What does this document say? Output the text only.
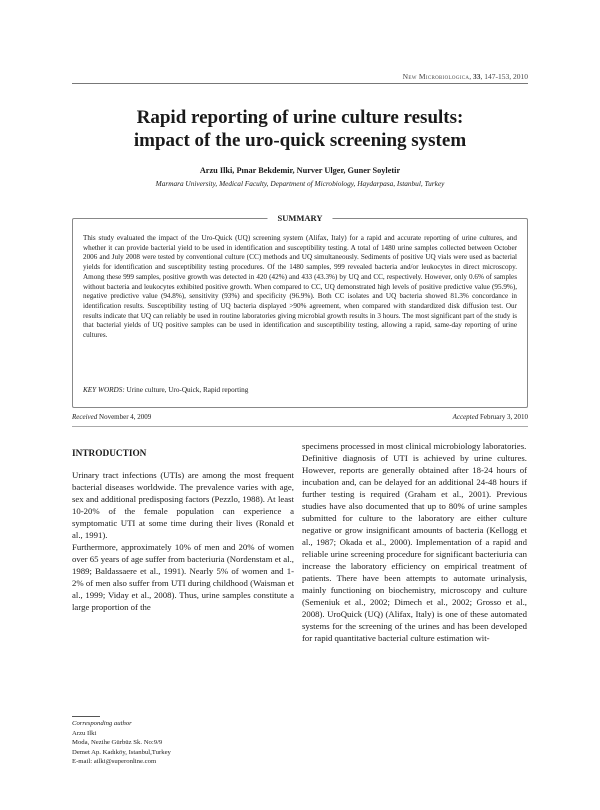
New Microbiologica, 33, 147-153, 2010
Rapid reporting of urine culture results:
impact of the uro-quick screening system
Arzu Ilki, Pınar Bekdemir, Nurver Ulger, Guner Soyletir
Marmara University, Medical Faculty, Department of Microbiology, Haydarpasa, Istanbul, Turkey
SUMMARY
This study evaluated the impact of the Uro-Quick (UQ) screening system (Alifax, Italy) for a rapid and accurate reporting of urine cultures, and whether it can provide bacterial yield to be used in identification and susceptibility testing. A total of 1480 urine samples collected between October 2006 and July 2008 were tested by conventional culture (CC) methods and UQ simultaneously. Sediments of positive UQ vials were used as bacterial yields for identification and susceptibility testing procedures. Of the 1480 samples, 999 revealed bacteria and/or leukocytes in direct microscopy. Among these 999 samples, positive growth was detected in 420 (42%) and 433 (43.3%) by UQ and CC, respectively. However, only 0.6% of samples without bacteria and leukocytes exhibited positive growth. When compared to CC, UQ demonstrated high levels of positive predictive value (95.9%), negative predictive value (94.8%), sensitivity (93%) and specificity (96.9%). Both CC isolates and UQ bacteria showed 81.3% concordance in identification results. Susceptibility testing of UQ bacteria displayed >90% agreement, when compared with standardized disk diffusion test. Our results indicate that UQ can reliably be used in routine laboratories giving microbial growth results in 3 hours. The most significant part of the study is that bacterial yields of UQ positive samples can be used in identification and susceptibility testing, allowing a rapid, same-day reporting of urine cultures.
KEY WORDS: Urine culture, Uro-Quick, Rapid reporting
Received November 4, 2009	Accepted February 3, 2010
INTRODUCTION

Urinary tract infections (UTIs) are among the most frequent bacterial diseases worldwide. The prevalence varies with age, sex and additional predisposing factors (Pezzlo, 1988). At least 10-20% of the female population can experience a symptomatic UTI at some time during their lives (Ronald et al., 1991).

Furthermore, approximately 10% of men and 20% of women over 65 years of age suffer from bacteriuria (Nordenstam et al., 1989; Baldassaere et al., 1991). Nearly 5% of women and 1-2% of men also suffer from UTI during childhood (Waisman et al., 1999; Viday et al., 2008). Thus, urine samples constitute a large proportion of the

specimens processed in most clinical microbiology laboratories.

Definitive diagnosis of UTI is achieved by urine cultures. However, reports are generally obtained after 18-24 hours of incubation and, can be delayed for an additional 24-48 hours if further testing is required (Graham et al., 2001). Previous studies have also documented that up to 80% of urine samples submitted for culture to the laboratory are either culture negative or grow insignificant amounts of bacteria (Kellogg et al., 1987; Okada et al., 2000). Implementation of a rapid and reliable urine screening procedure for significant bacteriuria can increase the laboratory efficiency on empirical treatment of patients. There have been attempts to automate urinalysis, mainly functioning on biochemistry, microscopy and culture (Semeniuk et al., 2002; Dimech et al., 2002; Grosso et al., 2008). UroQuick (UQ) (Alifax, Italy) is one of these automated systems for the screening of the urines and has been developed for rapid quantitative bacterial culture estimation wit-

Corresponding author
Arzu Ilki
Moda, Nezihe Gürbüz Sk. No:9/9
Demet Ap. Kadıköy, Istanbul,Turkey
E-mail: ailki@superonline.com
